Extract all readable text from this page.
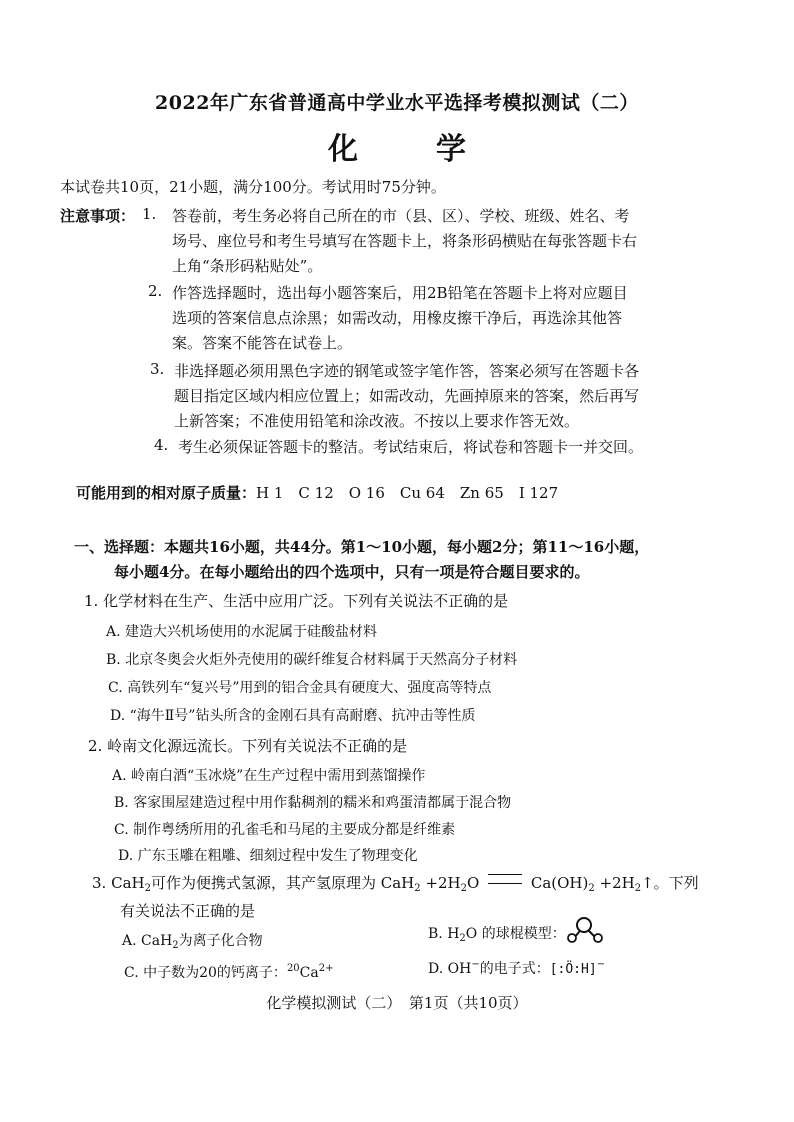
2022年广东省普通高中学业水平选择考模拟测试（二）
化　学
本试卷共10页，21小题，满分100分。考试用时75分钟。
注意事项： 1. 答卷前，考生务必将自己所在的市（县、区）、学校、班级、姓名、考
场号、座位号和考生号填写在答题卡上，将条形码横贴在每张答题卡右
上角“条形码粘贴处”。
2. 作答选择题时，选出每小题答案后，用2B铅笔在答题卡上将对应题目
选项的答案信息点涂黑；如需改动，用橡皮擦干净后，再选涂其他答
案。答案不能答在试卷上。
3. 非选择题必须用黑色字迹的钢笔或签字笔作答，答案必须写在答题卡各
题目指定区域内相应位置上；如需改动，先画掉原来的答案，然后再写
上新答案；不准使用铅笔和涂改液。不按以上要求作答无效。
4. 考生必须保证答题卡的整洁。考试结束后，将试卷和答题卡一并交回。
可能用到的相对原子质量：H 1　C 12　O 16　Cu 64　Zn 65　I 127
一、选择题：本题共16小题，共44分。第1～10小题，每小题2分；第11～16小题，
每小题4分。在每小题给出的四个选项中，只有一项是符合题目要求的。
1. 化学材料在生产、生活中应用广泛。下列有关说法不正确的是
A. 建造大兴机场使用的水泥属于硅酸盐材料
B. 北京冬奥会火炬外壳使用的碳纤维复合材料属于天然高分子材料
C. 高铁列车“复兴号”用到的铝合金具有硬度大、强度高等特点
D. “海牛Ⅱ号”钻头所含的金刚石具有高耐磨、抗冲击等性质
2. 岭南文化源远流长。下列有关说法不正确的是
A. 岭南白酒“玉冰烧”在生产过程中需用到蒸馏操作
B. 客家围屋建造过程中用作黏稠剂的糯米和鸡蛋清都属于混合物
C. 制作粤绣所用的孔雀毛和马尾的主要成分都是纤维素
D. 广东玉雕在粗雕、细刻过程中发生了物理变化
3. CaH$_2$可作为便携式氢源，其产氢原理为 $CaH_2 +2H_2O$	$Ca(OH)_2$ $+2H_2↑$。下列
有关说法不正确的是
A. CaH$_2$为离子化合物	B. $H_2O$ 的球棍模型：
C. 中子数为20的钙离子：$^{20}Ca^{2+}$	D. OH−的电子式：[:Ö:H]−
化学模拟测试（二）　第1页（共10页）
